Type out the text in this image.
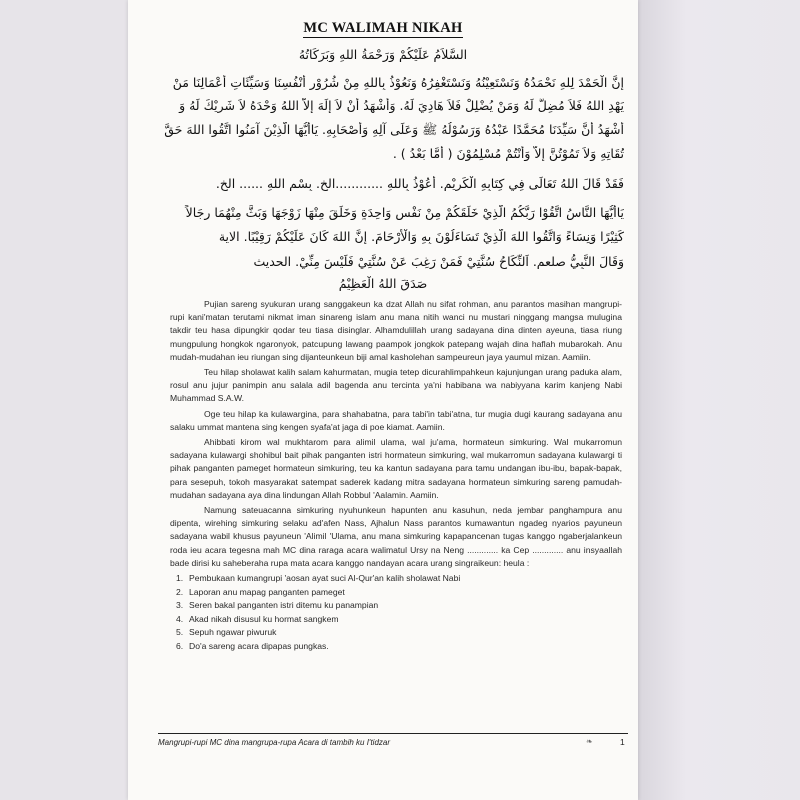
MC WALIMAH NIKAH
السَّلاَمُ عَلَيْكُمْ وَرَحْمَةُ اللهِ وَبَرَكَاتُهُ
إِنَّ الْحَمْدَ لِلهِ نَحْمَدُهُ وَنَسْتَعِيْنُهُ وَنَسْتَغْفِرُهُ وَنَعُوْذُ بِاللهِ مِنْ شُرُوْرِ أَنْفُسِنَا وَسَيِّئَاتِ أَعْمَالِنَا مَنْ
يَهْدِ اللهُ فَلاَ مُضِلَّ لَهُ وَمَنْ يُضْلِلْ فَلاَ هَادِيَ لَهُ. وَأَشْهَدُ أَنْ لاَ إِلَهَ إِلاَّ اللهُ وَحْدَهُ لاَ شَرِيْكَ لَهُ وَ
أَشْهَدُ أَنَّ سَيِّدَنَا مُحَمَّدًا عَبْدُهُ وَرَسُوْلُهُ ﷺ وَعَلَى آلِهِ وَأَصْحَابِهِ. يَاأَيُّهَا الَّذِيْنَ آمَنُوا اتَّقُوا اللهَ حَقَّ
تُقَاتِهِ وَلاَ تَمُوْتُنَّ إِلاَّ وَأَنْتُمْ مُسْلِمُوْنَ ( أَمَّا بَعْدُ ) .
فَقَدْ قَالَ اللهُ تَعَالَى فِي كِتَابِهِ الْكَرِيْمِ. أَعُوْذُ بِاللهِ ............الخ. بِسْمِ اللهِ ...... الخ.
يَاأَيُّهَا النَّاسُ اتَّقُوْا رَبَّكُمُ الَّذِيْ خَلَقَكُمْ مِنْ نَفْسٍ وَاحِدَةٍ وَخَلَقَ مِنْهَا زَوْجَهَا وَبَثَّ مِنْهُمَا رِجَالاً
كَثِيْرًا وَنِسَاءً وَاتَّقُوا اللهَ الَّذِيْ تَسَاءَلُوْنَ بِهِ وَالْأَرْحَامَ. إِنَّ اللهَ كَانَ عَلَيْكُمْ رَقِيْبًا. الاية
وَقَالَ النَّبِيُّ صلعم. اَلنِّكَاحُ سُنَّتِيْ فَمَنْ رَغِبَ عَنْ سُنَّتِيْ فَلَيْسَ مِنِّيْ. الحديث
صَدَقَ اللهُ الْعَظِيْمُ

Pujian sareng syukuran urang sanggakeun ka dzat Allah nu sifat rohman, anu parantos masihan mangrupi-rupi kani'matan terutami nikmat iman sinareng islam anu mana nitih wanci nu mustari ninggang mangsa mulugina takdir teu hasa dipungkir qodar teu tiasa disinglar. Alhamdulillah urang sadayana dina dinten ayeuna, tiasa riung mungpulung hongkok ngaronyok, patcupung lawang paampok jongkok patepang wajah dina haflah mubarokah. Anu mudah-mudahan ieu riungan sing dijanteunkeun biji amal kasholehan sampeureun jaya yaumul mizan. Aamiin.

Teu hilap sholawat kalih salam kahurmatan, mugia tetep dicurahlimpahkeun kajunjungan urang paduka alam, rosul anu jujur panimpin anu salala adil bagenda anu tercinta ya'ni habibana wa nabiyyana karim kanjeng Nabi Muhammad S.A.W.

Oge teu hilap ka kulawargina, para shahabatna, para tabi'in tabi'atna, tur mugia dugi kaurang sadayana anu salaku ummat mantena sing kengen syafa'at jaga di poe kiamat. Aamiin.

Ahibbati kirom wal mukhtarom para alimil ulama, wal ju'ama, hormateun simkuring. Wal mukarromun sadayana kulawargi shohibul bait pihak panganten istri hormateun simkuring, wal mukarromun sadayana kulawargi ti pihak panganten pameget hormateun simkuring, teu ka kantun sadayana para tamu undangan ibu-ibu, bapak-bapak, para sesepuh, tokoh masyarakat satempat saderek kadang mitra sadayana hormateun simkuring sareng pamudah-mudahan sadayana aya dina lindungan Allah Robbul 'Aalamin. Aamiin.

Namung sateuacanna simkuring nyuhunkeun hapunten anu kasuhun, neda jembar panghampura anu dipenta, wirehing simkuring selaku ad'afen Nass, Ajhalun Nass parantos kumawantun ngadeg nyarios payuneun sadayana wabil khusus payuneun 'Alimil 'Ulama, anu mana simkuring kapapancenan tugas kanggo ngaberjalankeun roda ieu acara tegesna mah MC dina raraga acara walimatul Ursy na Neng ............. ka Cep ............. anu insyaallah bade dirisi ku saheberaha rupa mata acara kanggo nandayan acara urang singraikeun: heula :

1. Pembukaan kumangrupi 'aosan ayat suci Al-Qur'an kalih sholawat Nabi
2. Laporan anu mapag panganten pameget
3. Seren bakal panganten istri ditemu ku panampian
4. Akad nikah disusul ku hormat sangkem
5. Sepuh ngawar piwuruk
6. Do'a sareng acara dipapas pungkas.
Mangrupi-rupi MC dina mangrupa-rupa Acara di tambih ku I'tidzar	❧	1
